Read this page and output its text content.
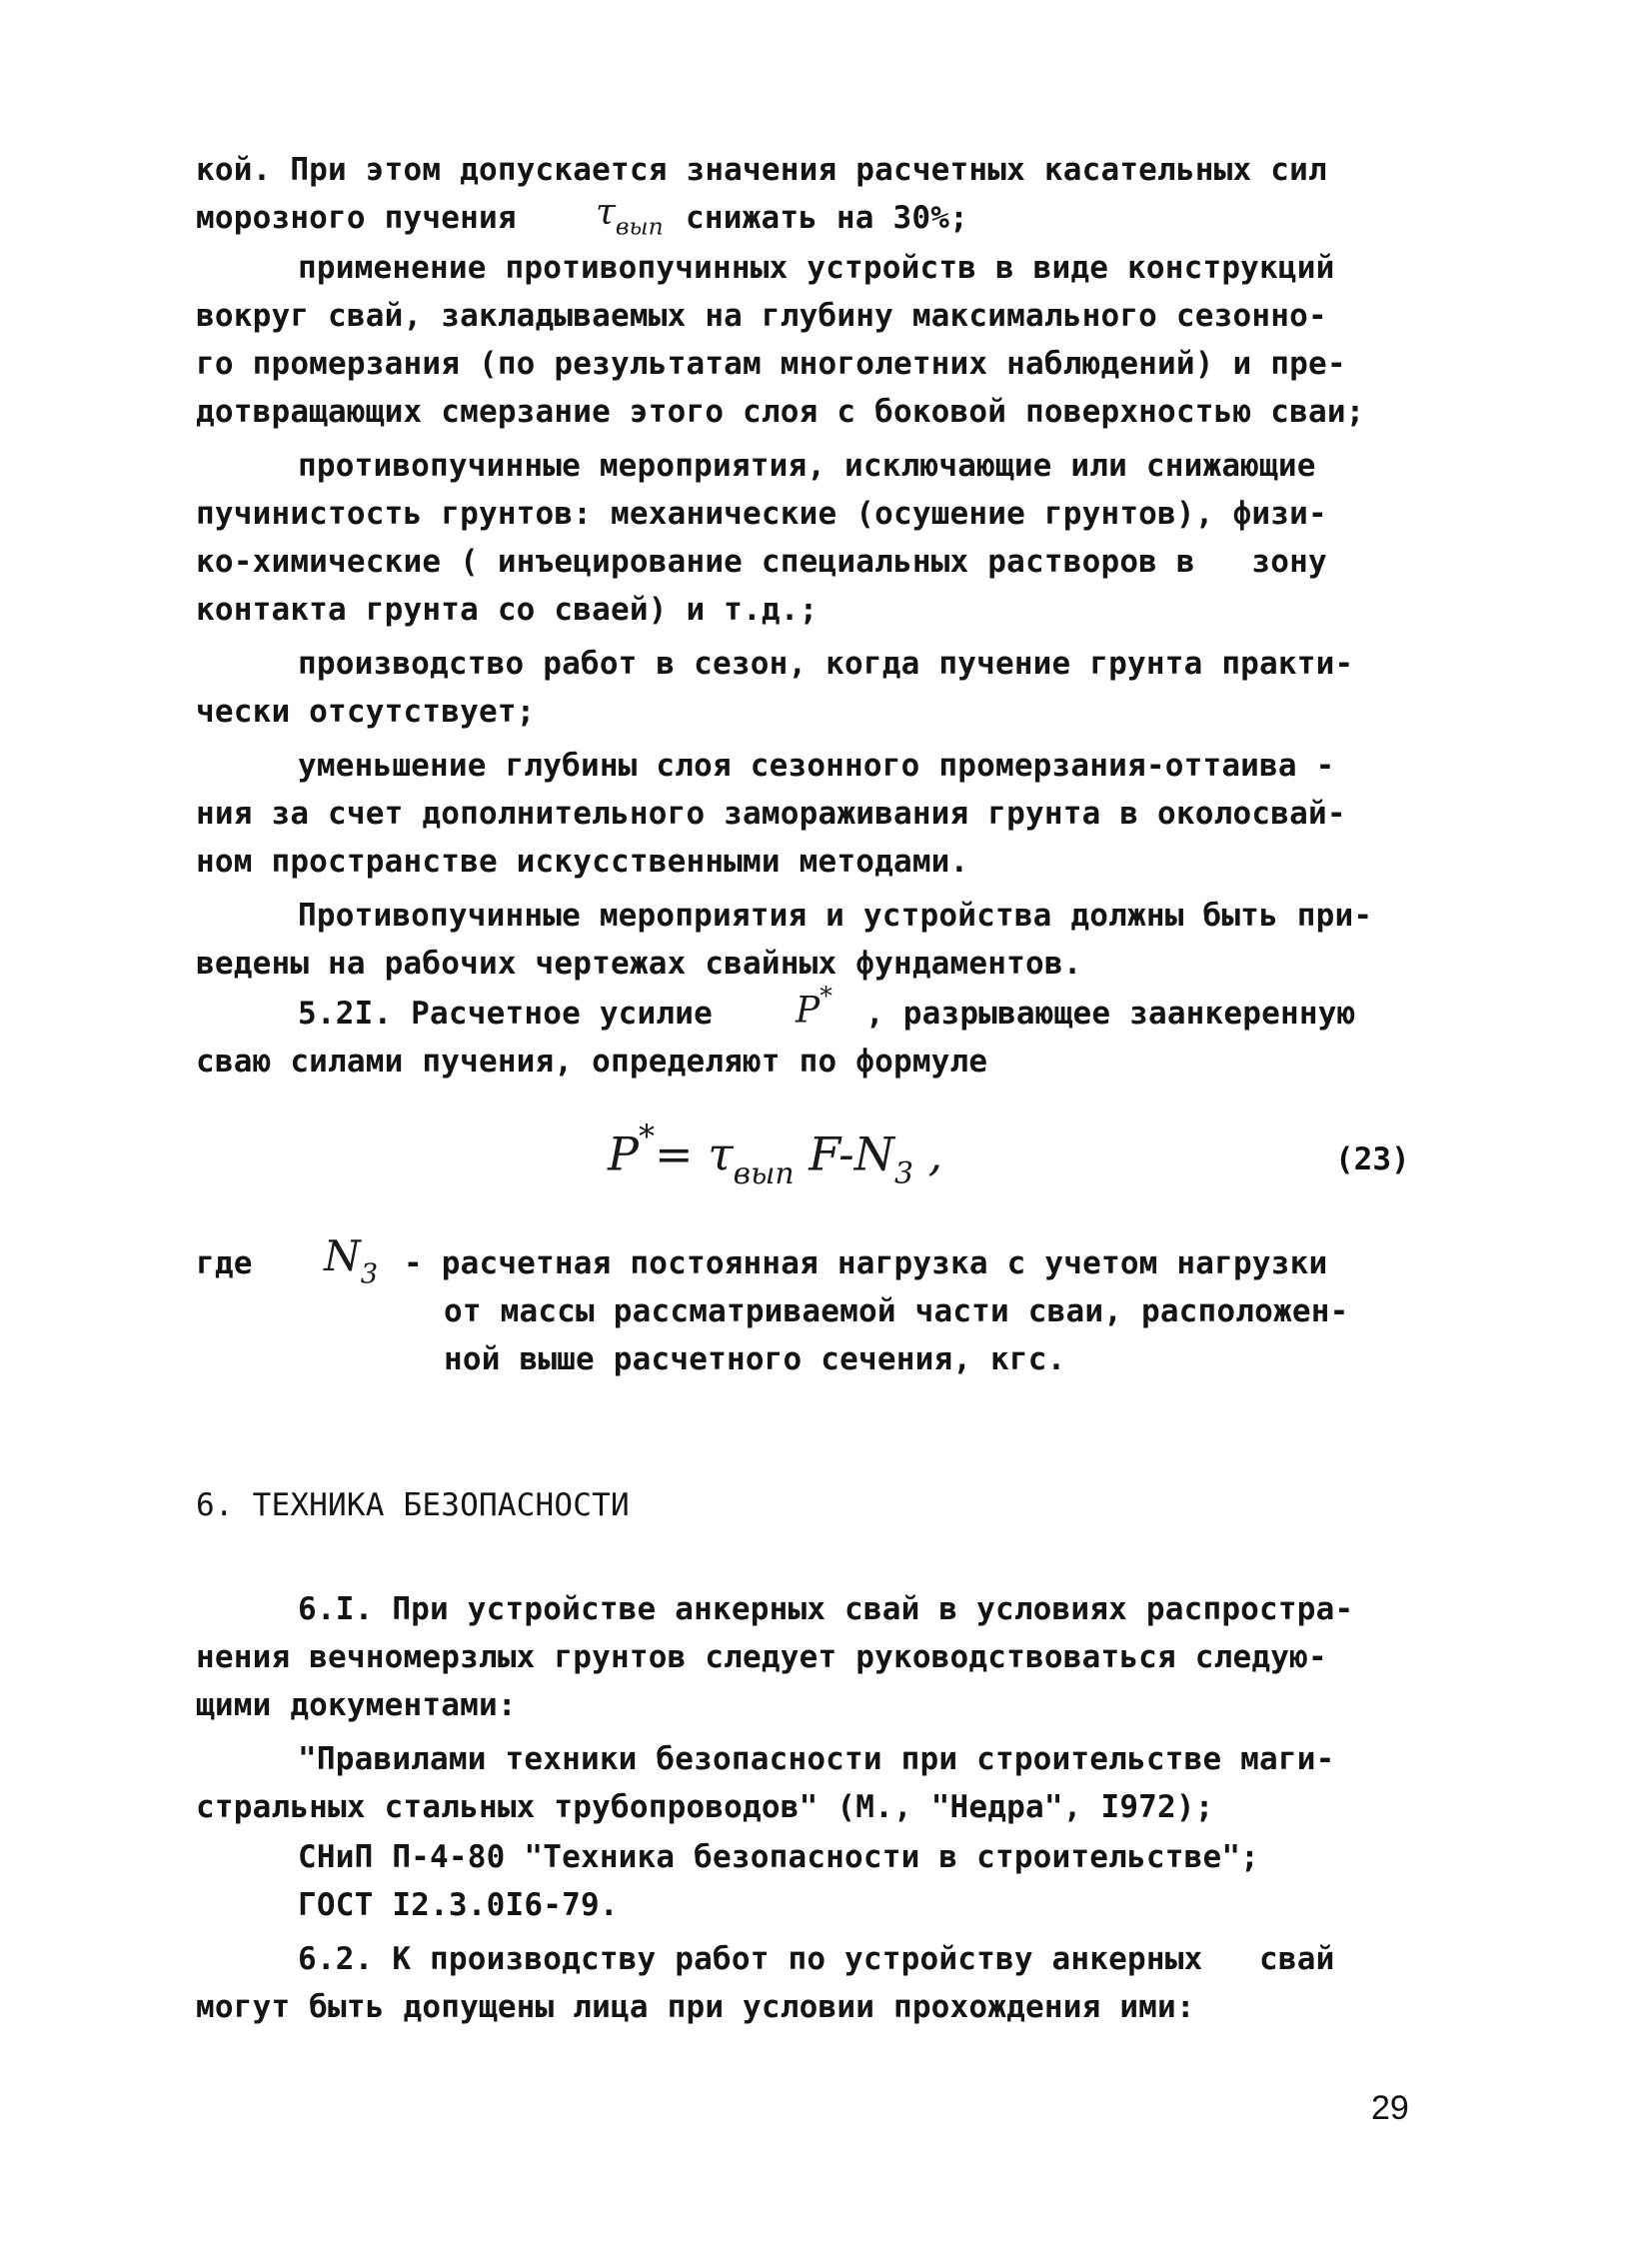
кой. При этом допускается значения расчетных касательных сил
морозного пучения $\tau_{вып}$ снижать на 30%;
применение противопучинных устройств в виде конструкций
вокруг свай, закладываемых на глубину максимального сезонно-
го промерзания (по результатам многолетних наблюдений) и пре-
дотвращающих смерзание этого слоя с боковой поверхностью сваи;
противопучинные мероприятия, исключающие или снижающие
пучинистость грунтов: механические (осушение грунтов), физи-
ко-химические ( инъецирование специальных растворов в   зону
контакта грунта со сваей) и т.д.;
производство работ в сезон, когда пучение грунта практи-
чески отсутствует;
уменьшение глубины слоя сезонного промерзания-оттаива -
ния за счет дополнительного замораживания грунта в околосвай-
ном пространстве искусственными методами.
Противопучинные мероприятия и устройства должны быть при-
ведены на рабочих чертежах свайных фундаментов.
5.2I. Расчетное усилие P* , разрывающее заанкеренную
сваю силами пучения, определяют по формуле
$P^*= \tau_{вып}$ $F-N_3$ ,	(23)
где $N_3$ - расчетная постоянная нагрузка с учетом нагрузки
от массы рассматриваемой части сваи, расположен-
ной выше расчетного сечения, кгс.
6. ТЕХНИКА БЕЗОПАСНОСТИ
6.I. При устройстве анкерных свай в условиях распростра-
нения вечномерзлых грунтов следует руководствоваться следую-
щими документами:
"Правилами техники безопасности при строительстве маги-
стральных стальных трубопроводов" (М., "Недра", I972);
СНиП П-4-80 "Техника безопасности в строительстве";
ГОСТ I2.3.0I6-79.
6.2. К производству работ по устройству анкерных   свай
могут быть допущены лица при условии прохождения ими:
29
